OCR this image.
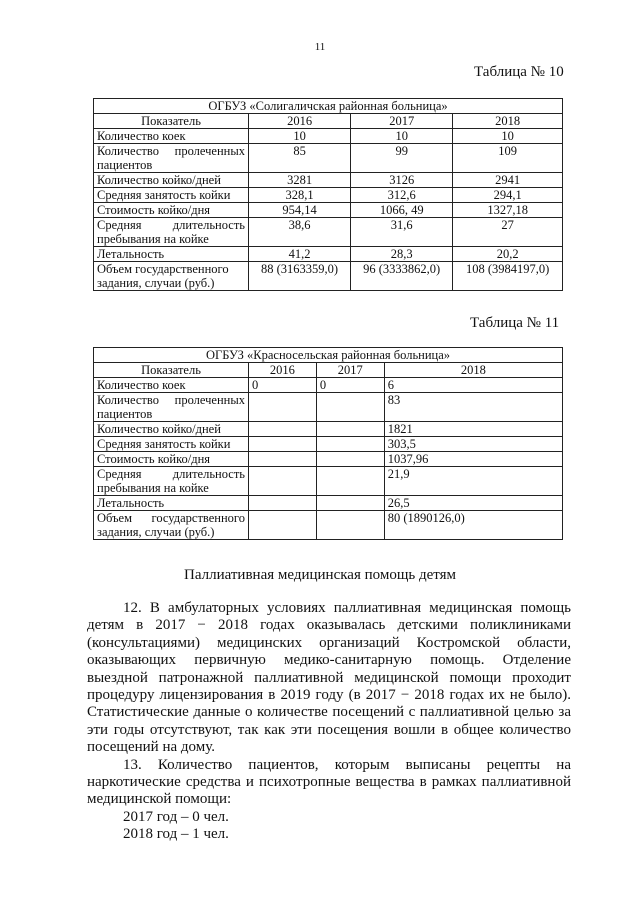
11
Таблица № 10
ОГБУЗ «Солигаличская районная больница»			
Показатель	2016	2017	2018
Количество коек	10	10	10
Количество пролеченных пациентов	85	99	109
Количество койко/дней	3281	3126	2941
Средняя занятость койки	328,1	312,6	294,1
Стоимость койко/дня	954,14	1066, 49	1327,18
Средняя длительность пребывания на койке	38,6	31,6	27
Летальность	41,2	28,3	20,2
Объем государственного задания, случаи (руб.)	88 (3163359,0)	96 (3333862,0)	108 (3984197,0)
Таблица № 11
ОГБУЗ «Красносельская районная больница»			
Показатель	2016	2017	2018
Количество коек	0	0	6
Количество пролеченных пациентов			83
Количество койко/дней			1821
Средняя занятость койки			303,5
Стоимость койко/дня			1037,96
Средняя длительность пребывания на койке			21,9
Летальность			26,5
Объем государственного задания, случаи (руб.)			80 (1890126,0)
Паллиативная медицинская помощь детям

12. В амбулаторных условиях паллиативная медицинская помощь детям в 2017 − 2018 годах оказывалась детскими поликлиниками (консультациями) медицинских организаций Костромской области, оказывающих первичную медико-санитарную помощь. Отделение выездной патронажной паллиативной медицинской помощи проходит процедуру лицензирования в 2019 году (в 2017 − 2018 годах их не было). Статистические данные о количестве посещений с паллиативной целью за эти годы отсутствуют, так как эти посещения вошли в общее количество посещений на дому.

13. Количество пациентов, которым выписаны рецепты на наркотические средства и психотропные вещества в рамках паллиативной медицинской помощи:

2017 год – 0 чел.
2018 год – 1 чел.
